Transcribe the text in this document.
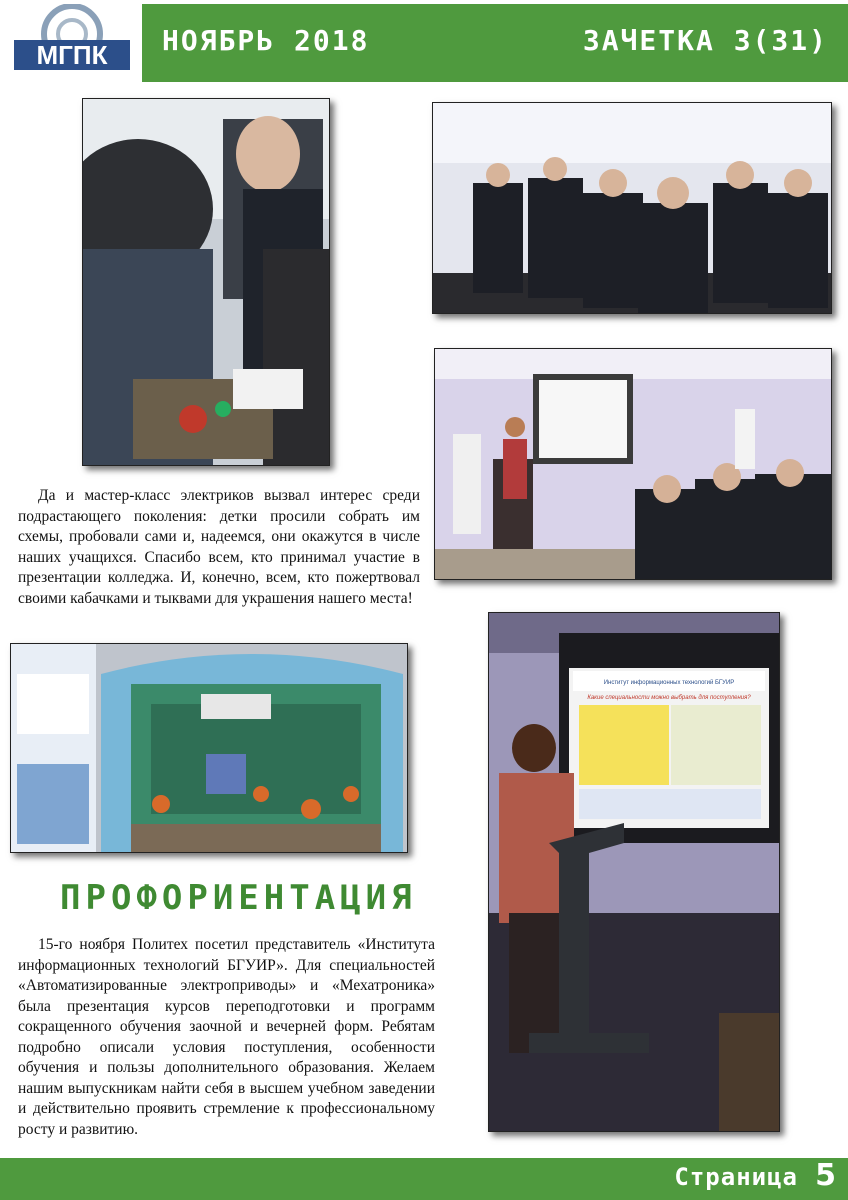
МГПК НОЯБРЬ 2018	ЗАЧЕТКА 3(31)

Да и мастер-класс электриков вызвал интерес среди подрастающего поколения: детки просили собрать им схемы, пробовали сами и, надеемся, они окажутся в числе наших учащихся. Спасибо всем, кто принимал участие в презентации колледжа. И, конечно, всем, кто пожертвовал своими кабачками и тыквами для украшения нашего места!

ПРОФОРИЕНТАЦИЯ

15-го ноября Политех посетил представитель «Института информационных технологий БГУИР». Для специальностей «Автоматизированные электроприводы» и «Мехатроника» была презентация курсов переподготовки и программ сокращенного обучения заочной и вечерней форм. Ребятам подробно описали условия поступления, особенности обучения и пользы дополнительного образования. Желаем нашим выпускникам найти себя в высшем учебном заведении и действительно проявить стремление к профессиональному росту и развитию.

Институт информационных технологий БГУИР
Какие специальности можно выбрать для поступления?
Страница 5
